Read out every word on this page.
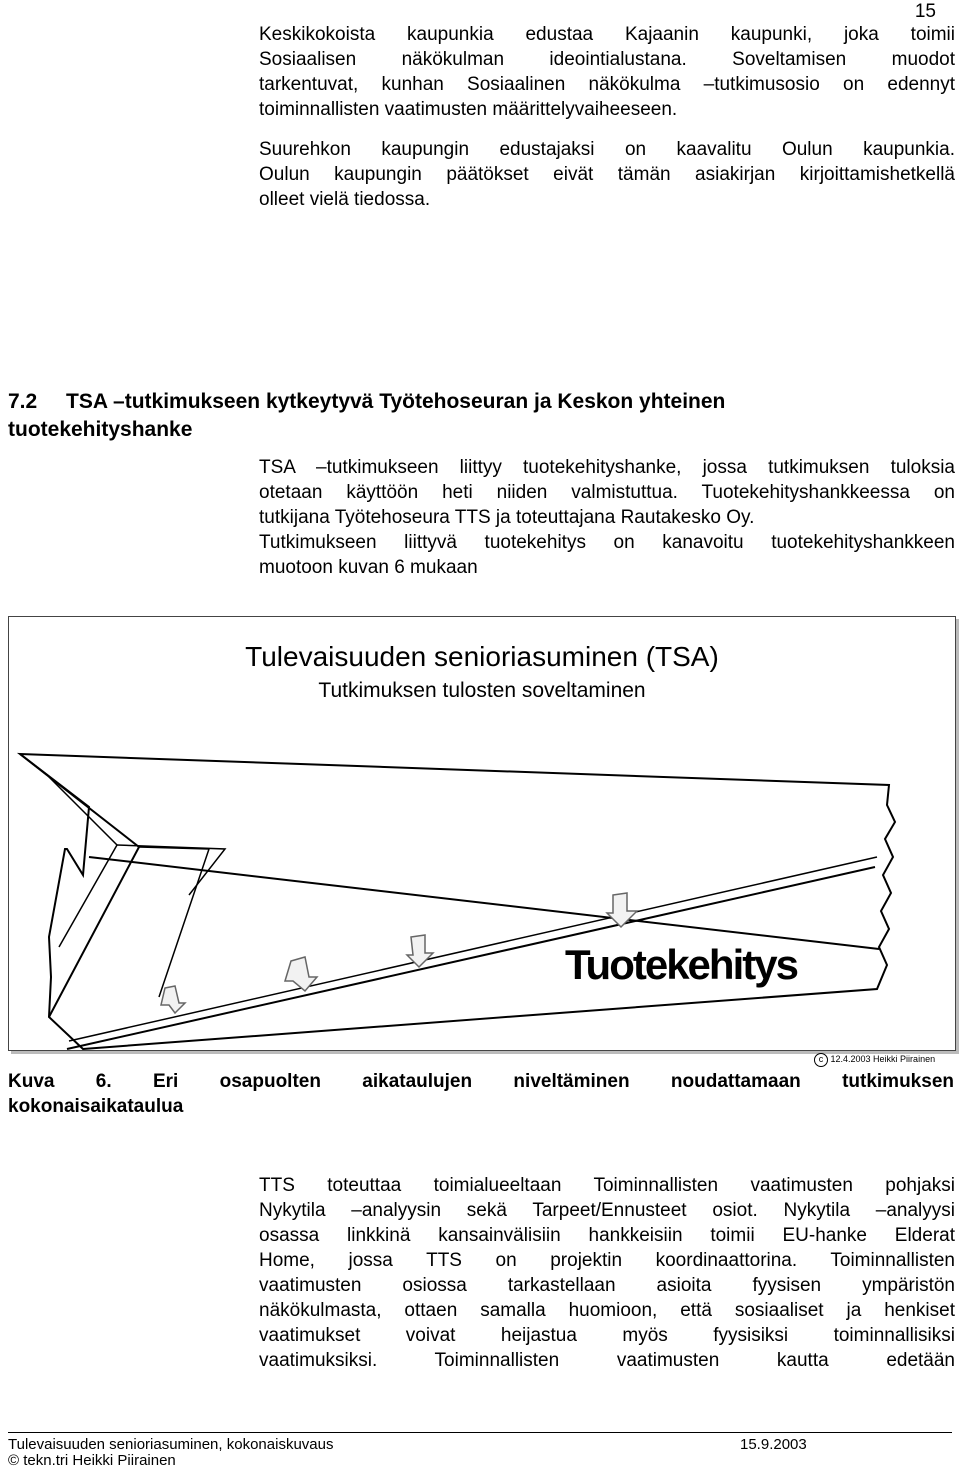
15

Keskikokoista kaupunkia edustaa Kajaanin kaupunki, joka toimii
Sosiaalisen näkökulman ideointialustana. Soveltamisen muodot
tarkentuvat, kunhan Sosiaalinen näkökulma –tutkimusosio on edennyt
toiminnallisten vaatimusten määrittelyvaiheeseen.

Suurehkon kaupungin edustajaksi on kaavalitu Oulun kaupunkia.
Oulun kaupungin päätökset eivät tämän asiakirjan kirjoittamishetkellä
olleet vielä tiedossa.

7.2 TSA –tutkimukseen kytkeytyvä Työtehoseuran ja Keskon yhteinen
tuotekehityshanke

TSA –tutkimukseen liittyy tuotekehityshanke, jossa tutkimuksen tuloksia
otetaan käyttöön heti niiden valmistuttua. Tuotekehityshankkeessa on
tutkijana Työtehoseura TTS ja toteuttajana Rautakesko Oy.
Tutkimukseen liittyvä tuotekehitys on kanavoitu tuotekehityshankkeen
muotoon kuvan 6 mukaan

Tulevaisuuden senioriasuminen (TSA)
Tutkimuksen tulosten soveltaminen
Tuotekehitys
c 12.4.2003 Heikki Piirainen

Kuva 6. Eri osapuolten aikataulujen niveltäminen noudattamaan tutkimuksen
kokonaisaikataulua

TTS toteuttaa toimialueeltaan Toiminnallisten vaatimusten pohjaksi
Nykytila –analyysin sekä Tarpeet/Ennusteet osiot. Nykytila –analyysi
osassa linkkinä kansainvälisiin hankkeisiin toimii EU-hanke Elderat
Home, jossa TTS on projektin koordinaattorina. Toiminnallisten
vaatimusten osiossa tarkastellaan asioita fyysisen ympäristön
näkökulmasta, ottaen samalla huomioon, että sosiaaliset ja henkiset
vaatimukset voivat heijastua myös fyysisiksi toiminnallisiksi
vaatimuksiksi. Toiminnallisten vaatimusten kautta edetään

Tulevaisuuden senioriasuminen, kokonaiskuvaus	15.9.2003
© tekn.tri Heikki Piirainen
